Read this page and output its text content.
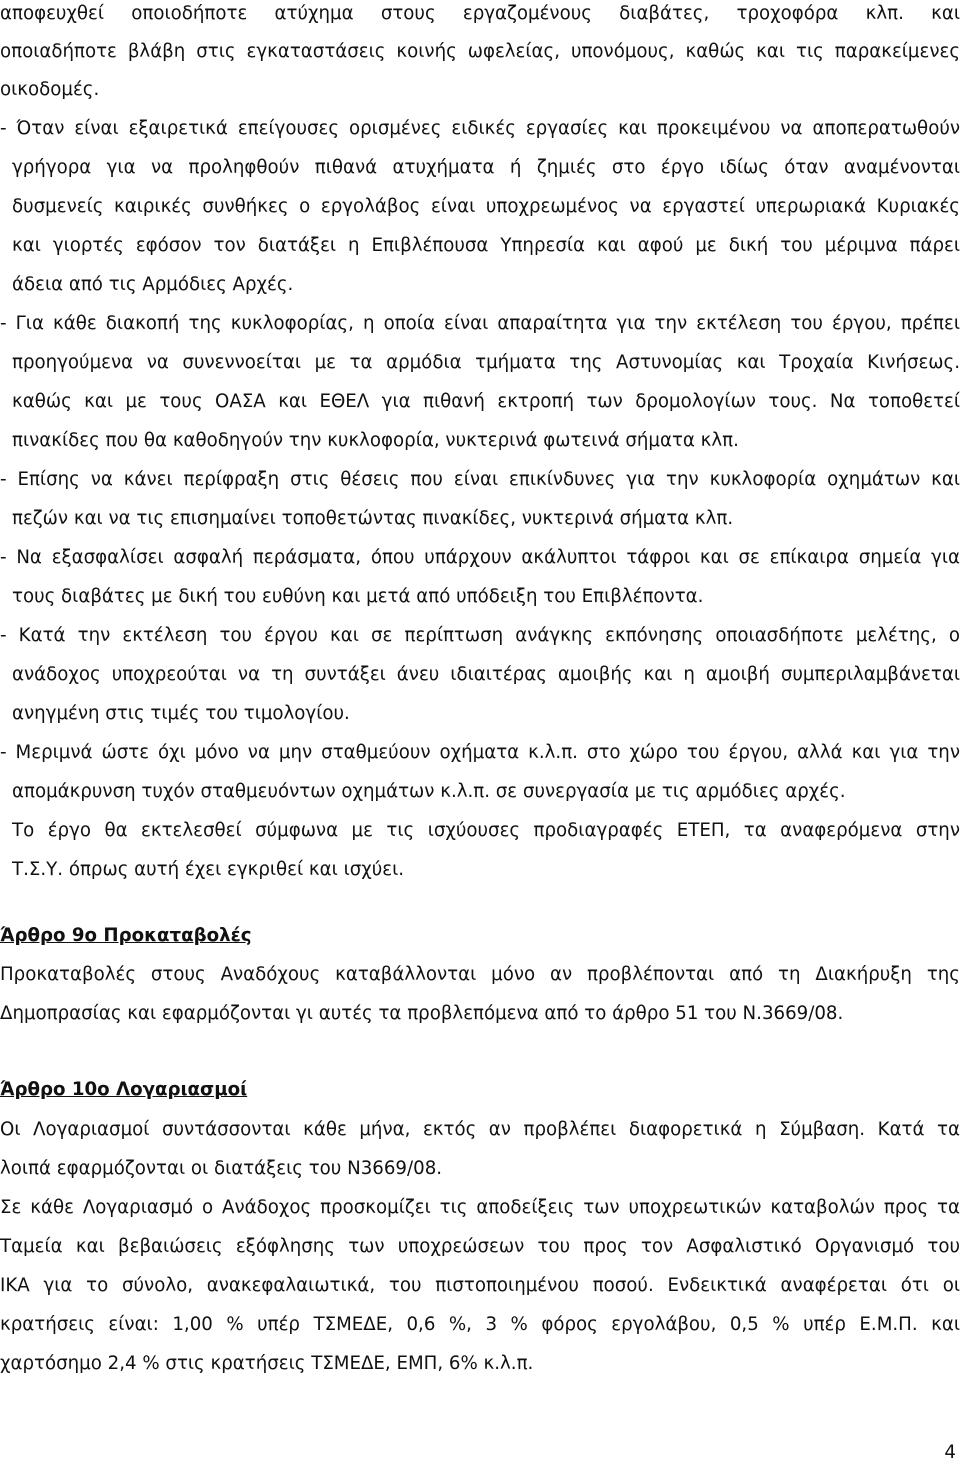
αποφευχθεί οποιοδήποτε ατύχημα στους εργαζομένους διαβάτες, τροχοφόρα κλπ. και
οποιαδήποτε βλάβη στις εγκαταστάσεις κοινής ωφελείας, υπονόμους, καθώς και τις παρακείμενες
οικοδομές.
- Όταν είναι εξαιρετικά επείγουσες ορισμένες ειδικές εργασίες και προκειμένου να αποπερατωθούν
γρήγορα για να προληφθούν πιθανά ατυχήματα ή ζημιές στο έργο ιδίως όταν αναμένονται
δυσμενείς καιρικές συνθήκες ο εργολάβος είναι υποχρεωμένος να εργαστεί υπερωριακά Κυριακές
και γιορτές εφόσον τον διατάξει η Επιβλέπουσα Υπηρεσία και αφού με δική του μέριμνα πάρει
άδεια από τις Αρμόδιες Αρχές.
- Για κάθε διακοπή της κυκλοφορίας, η οποία είναι απαραίτητα για την εκτέλεση του έργου, πρέπει
προηγούμενα να συνεννοείται με τα αρμόδια τμήματα της Αστυνομίας και Τροχαία Κινήσεως.
καθώς και με τους ΟΑΣΑ και ΕΘΕΛ για πιθανή εκτροπή των δρομολογίων τους. Να τοποθετεί
πινακίδες που θα καθοδηγούν την κυκλοφορία, νυκτερινά φωτεινά σήματα κλπ.
- Επίσης να κάνει περίφραξη στις θέσεις που είναι επικίνδυνες για την κυκλοφορία οχημάτων και
πεζών και να τις επισημαίνει τοποθετώντας πινακίδες, νυκτερινά σήματα κλπ.
- Να εξασφαλίσει ασφαλή περάσματα, όπου υπάρχουν ακάλυπτοι τάφροι και σε επίκαιρα σημεία για
τους διαβάτες με δική του ευθύνη και μετά από υπόδειξη του Επιβλέποντα.
- Κατά την εκτέλεση του έργου και σε περίπτωση ανάγκης εκπόνησης οποιασδήποτε μελέτης, ο
ανάδοχος υποχρεούται να τη συντάξει άνευ ιδιαιτέρας αμοιβής και η αμοιβή συμπεριλαμβάνεται
ανηγμένη στις τιμές του τιμολογίου.
- Μεριμνά ώστε όχι μόνο να μην σταθμεύουν οχήματα κ.λ.π. στο χώρο του έργου, αλλά και για την
απομάκρυνση τυχόν σταθμευόντων οχημάτων κ.λ.π. σε συνεργασία με τις αρμόδιες αρχές.
Το έργο θα εκτελεσθεί σύμφωνα με τις ισχύουσες προδιαγραφές ΕΤΕΠ, τα αναφερόμενα στην
Τ.Σ.Υ. όπρως αυτή έχει εγκριθεί και ισχύει.
Άρθρο 9ο Προκαταβολές
Προκαταβολές στους Αναδόχους καταβάλλονται μόνο αν προβλέπονται από τη Διακήρυξη της
Δημοπρασίας και εφαρμόζονται γι αυτές τα προβλεπόμενα από το άρθρο 51 του Ν.3669/08.
Άρθρο 10ο Λογαριασμοί
Οι Λογαριασμοί συντάσσονται κάθε μήνα, εκτός αν προβλέπει διαφορετικά η Σύμβαση. Κατά τα
λοιπά εφαρμόζονται οι διατάξεις του Ν3669/08.
Σε κάθε Λογαριασμό ο Ανάδοχος προσκομίζει τις αποδείξεις των υποχρεωτικών καταβολών προς τα
Ταμεία και βεβαιώσεις εξόφλησης των υποχρεώσεων του προς τον Ασφαλιστικό Οργανισμό του
ΙΚΑ για το σύνολο, ανακεφαλαιωτικά, του πιστοποιημένου ποσού. Ενδεικτικά αναφέρεται ότι οι
κρατήσεις είναι: 1,00 % υπέρ ΤΣΜΕΔΕ, 0,6 %, 3 % φόρος εργολάβου, 0,5 % υπέρ Ε.Μ.Π. και
χαρτόσημο 2,4 % στις κρατήσεις ΤΣΜΕΔΕ, ΕΜΠ, 6% κ.λ.π.
4
